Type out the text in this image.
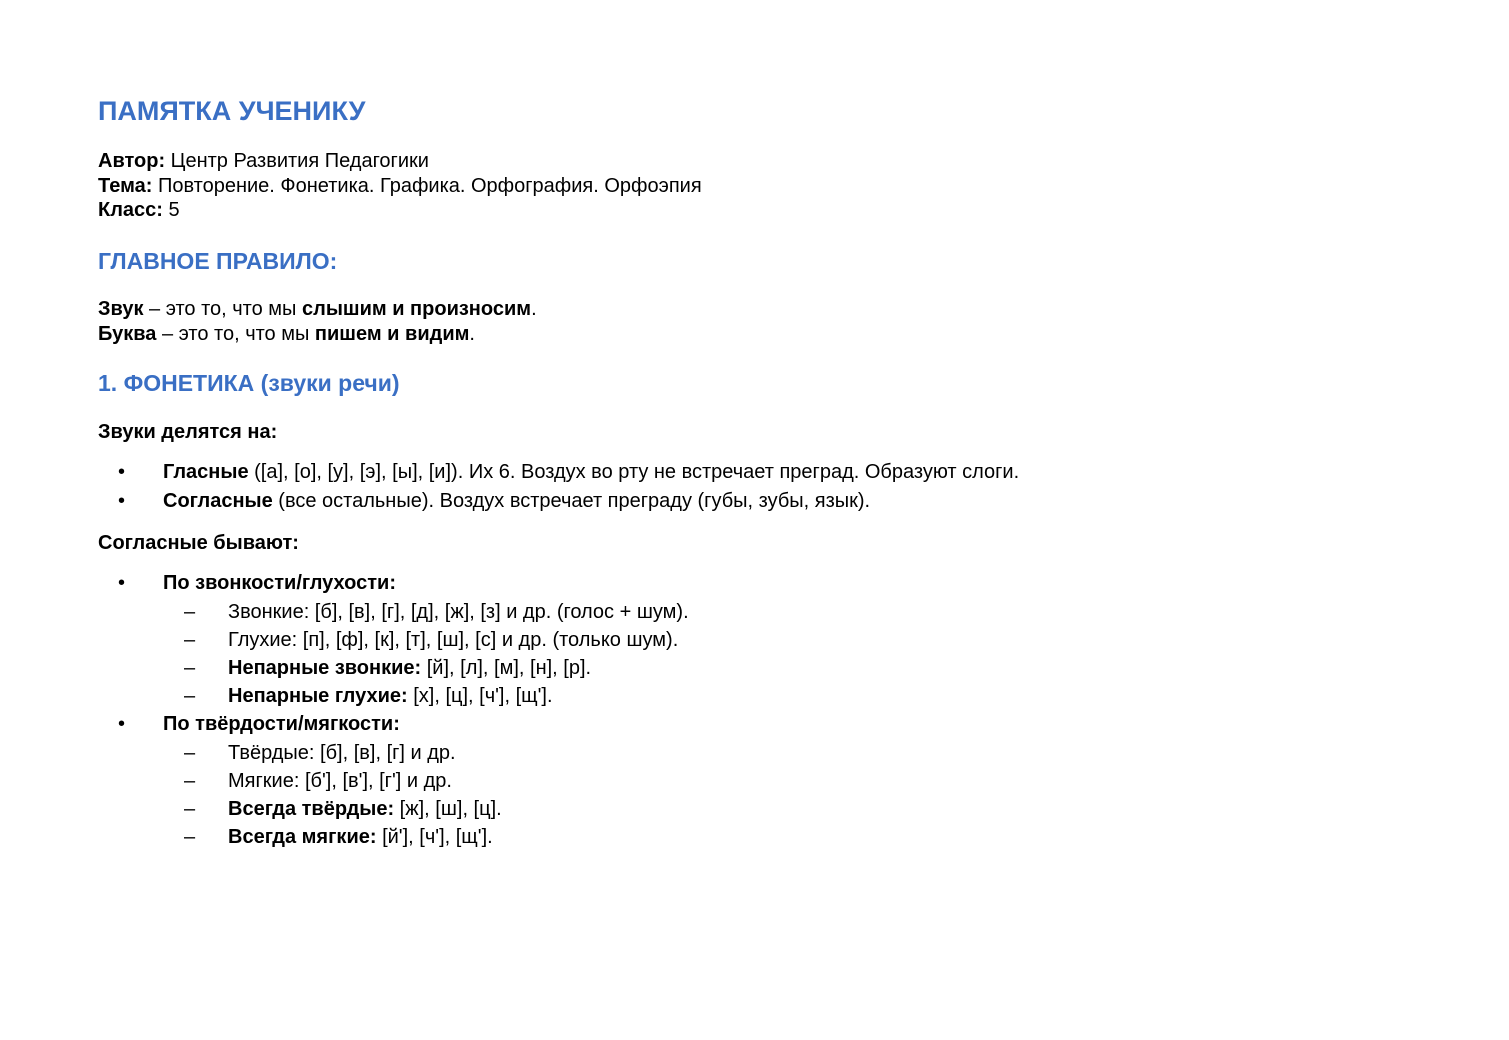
ПАМЯТКА УЧЕНИКУ
Автор: Центр Развития Педагогики
Тема: Повторение. Фонетика. Графика. Орфография. Орфоэпия
Класс: 5
ГЛАВНОЕ ПРАВИЛО:
Звук – это то, что мы слышим и произносим.
Буква – это то, что мы пишем и видим.
1. ФОНЕТИКА (звуки речи)
Звуки делятся на:
• Гласные ([а], [о], [у], [э], [ы], [и]). Их 6. Воздух во рту не встречает преград. Образуют слоги.
• Согласные (все остальные). Воздух встречает преграду (губы, зубы, язык).
Согласные бывают:
• По звонкости/глухости:
– Звонкие: [б], [в], [г], [д], [ж], [з] и др. (голос + шум).
– Глухие: [п], [ф], [к], [т], [ш], [с] и др. (только шум).
– Непарные звонкие: [й], [л], [м], [н], [р].
– Непарные глухие: [х], [ц], [ч'], [щ'].
• По твёрдости/мягкости:
– Твёрдые: [б], [в], [г] и др.
– Мягкие: [б'], [в'], [г'] и др.
– Всегда твёрдые: [ж], [ш], [ц].
– Всегда мягкие: [й'], [ч'], [щ'].
